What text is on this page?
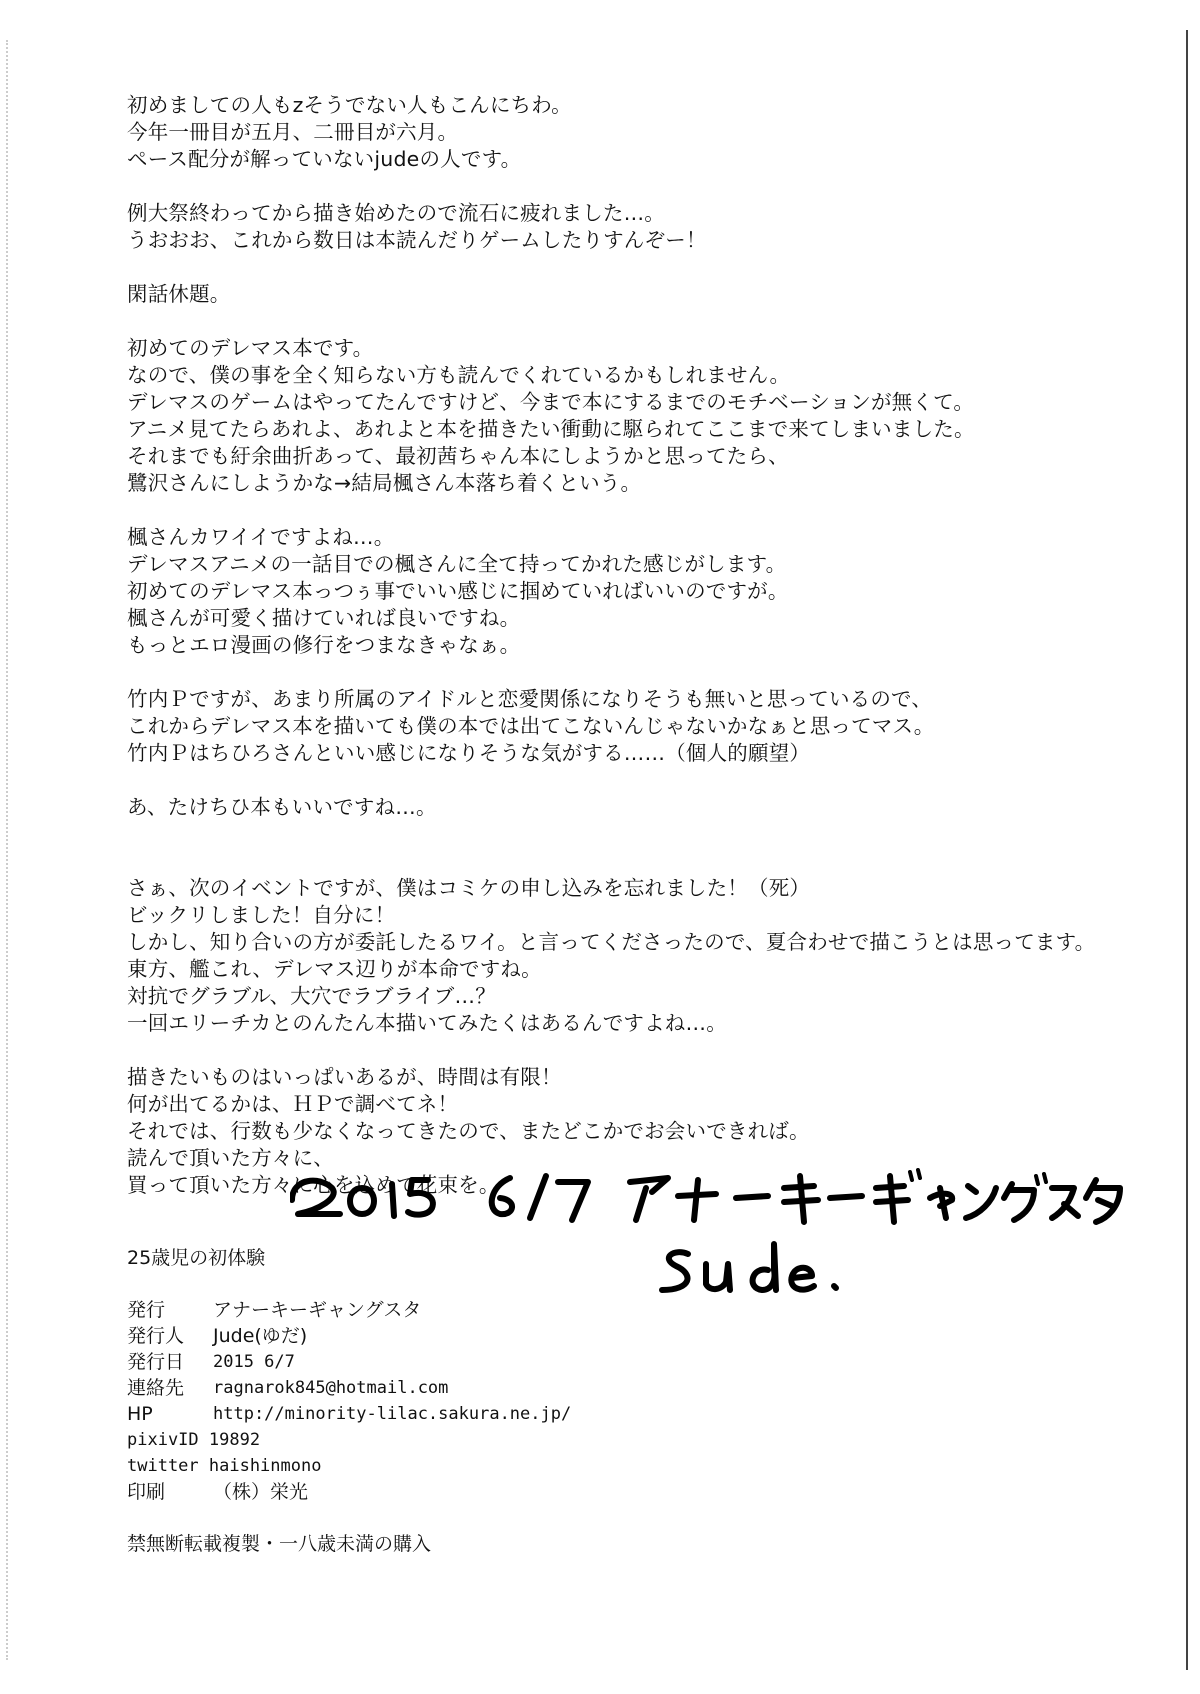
初めましての人もzそうでない人もこんにちわ。
今年一冊目が五月、二冊目が六月。
ペース配分が解っていないjudeの人です。
例大祭終わってから描き始めたので流石に疲れました…。
うおおお、これから数日は本読んだりゲームしたりすんぞー！
閑話休題。
初めてのデレマス本です。
なので、僕の事を全く知らない方も読んでくれているかもしれません。
デレマスのゲームはやってたんですけど、今まで本にするまでのモチベーションが無くて。
アニメ見てたらあれよ、あれよと本を描きたい衝動に駆られてここまで来てしまいました。
それまでも紆余曲折あって、最初茜ちゃん本にしようかと思ってたら、
鷺沢さんにしようかな→結局楓さん本落ち着くという。
楓さんカワイイですよね…。
デレマスアニメの一話目での楓さんに全て持ってかれた感じがします。
初めてのデレマス本っつぅ事でいい感じに掴めていればいいのですが。
楓さんが可愛く描けていれば良いですね。
もっとエロ漫画の修行をつまなきゃなぁ。
竹内Ｐですが、あまり所属のアイドルと恋愛関係になりそうも無いと思っているので、
これからデレマス本を描いても僕の本では出てこないんじゃないかなぁと思ってマス。
竹内Ｐはちひろさんといい感じになりそうな気がする……（個人的願望）
あ、たけちひ本もいいですね…。
さぁ、次のイベントですが、僕はコミケの申し込みを忘れました！（死）
ビックリしました！自分に！
しかし、知り合いの方が委託したるワイ。と言ってくださったので、夏合わせで描こうとは思ってます。
東方、艦これ、デレマス辺りが本命ですね。
対抗でグラブル、大穴でラブライブ…？
一回エリーチカとのんたん本描いてみたくはあるんですよね…。
描きたいものはいっぱいあるが、時間は有限！
何が出てるかは、ＨＰで調べてネ！
それでは、行数も少なくなってきたので、またどこかでお会いできれば。
読んで頂いた方々に、
買って頂いた方々に心を込めて花束を。
25歳児の初体験
発行	アナーキーギャングスタ
発行人	Jude(ゆだ)
発行日	2015 6/7
連絡先	ragnarok845@hotmail.com
HP	http://minority-lilac.sakura.ne.jp/
pixivID 19892
twitter haishinmono
印刷	（株）栄光
禁無断転載複製・一八歳未満の購入
